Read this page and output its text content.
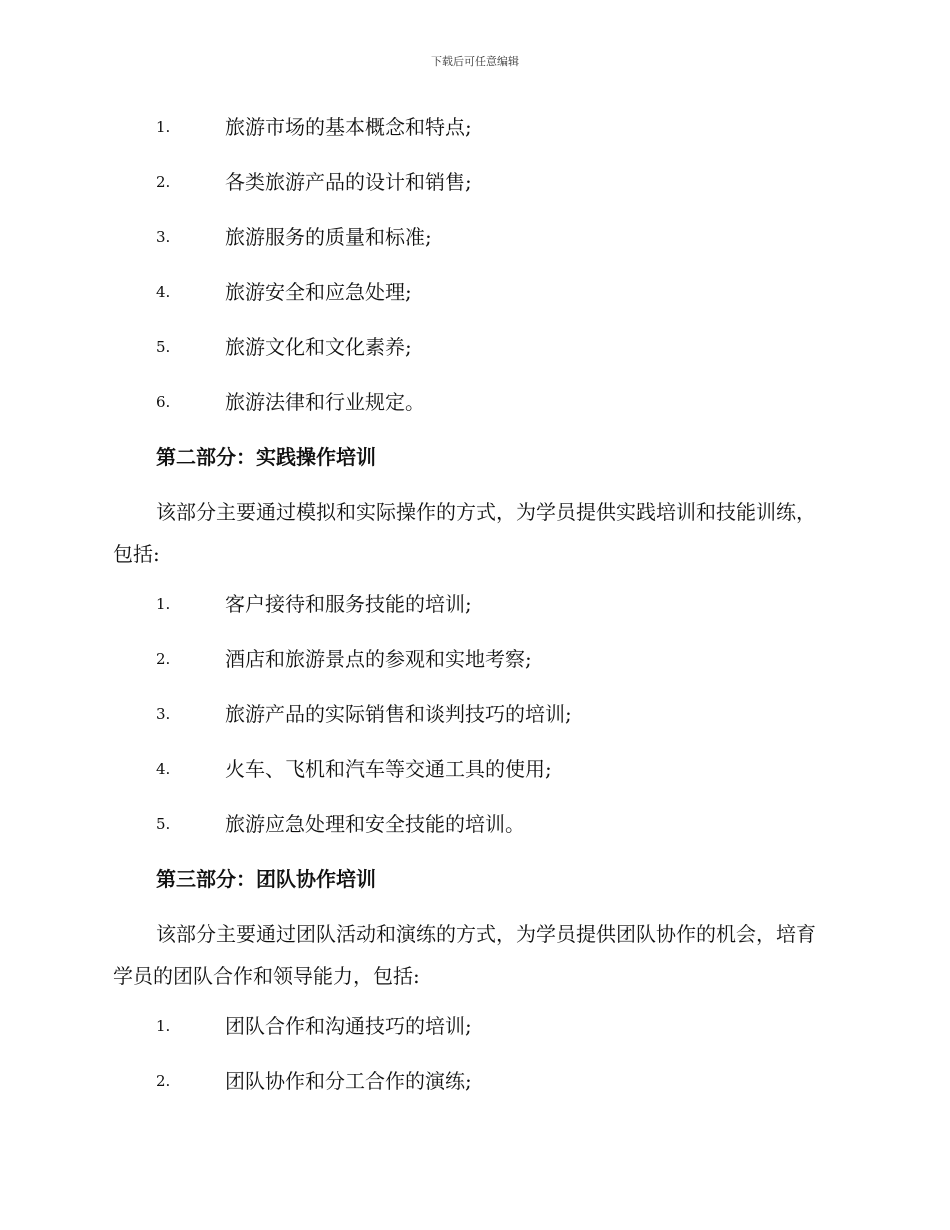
下载后可任意编辑
1.	旅游市场的基本概念和特点;
2.	各类旅游产品的设计和销售;
3.	旅游服务的质量和标准;
4.	旅游安全和应急处理;
5.	旅游文化和文化素养;
6.	旅游法律和行业规定。
第二部分：实践操作培训
该部分主要通过模拟和实际操作的方式，为学员提供实践培训和技能训练，包括:
1.	客户接待和服务技能的培训;
2.	酒店和旅游景点的参观和实地考察;
3.	旅游产品的实际销售和谈判技巧的培训;
4.	火车、飞机和汽车等交通工具的使用;
5.	旅游应急处理和安全技能的培训。
第三部分：团队协作培训
该部分主要通过团队活动和演练的方式，为学员提供团队协作的机会，培育学员的团队合作和领导能力，包括:
1.	团队合作和沟通技巧的培训;
2.	团队协作和分工合作的演练;
